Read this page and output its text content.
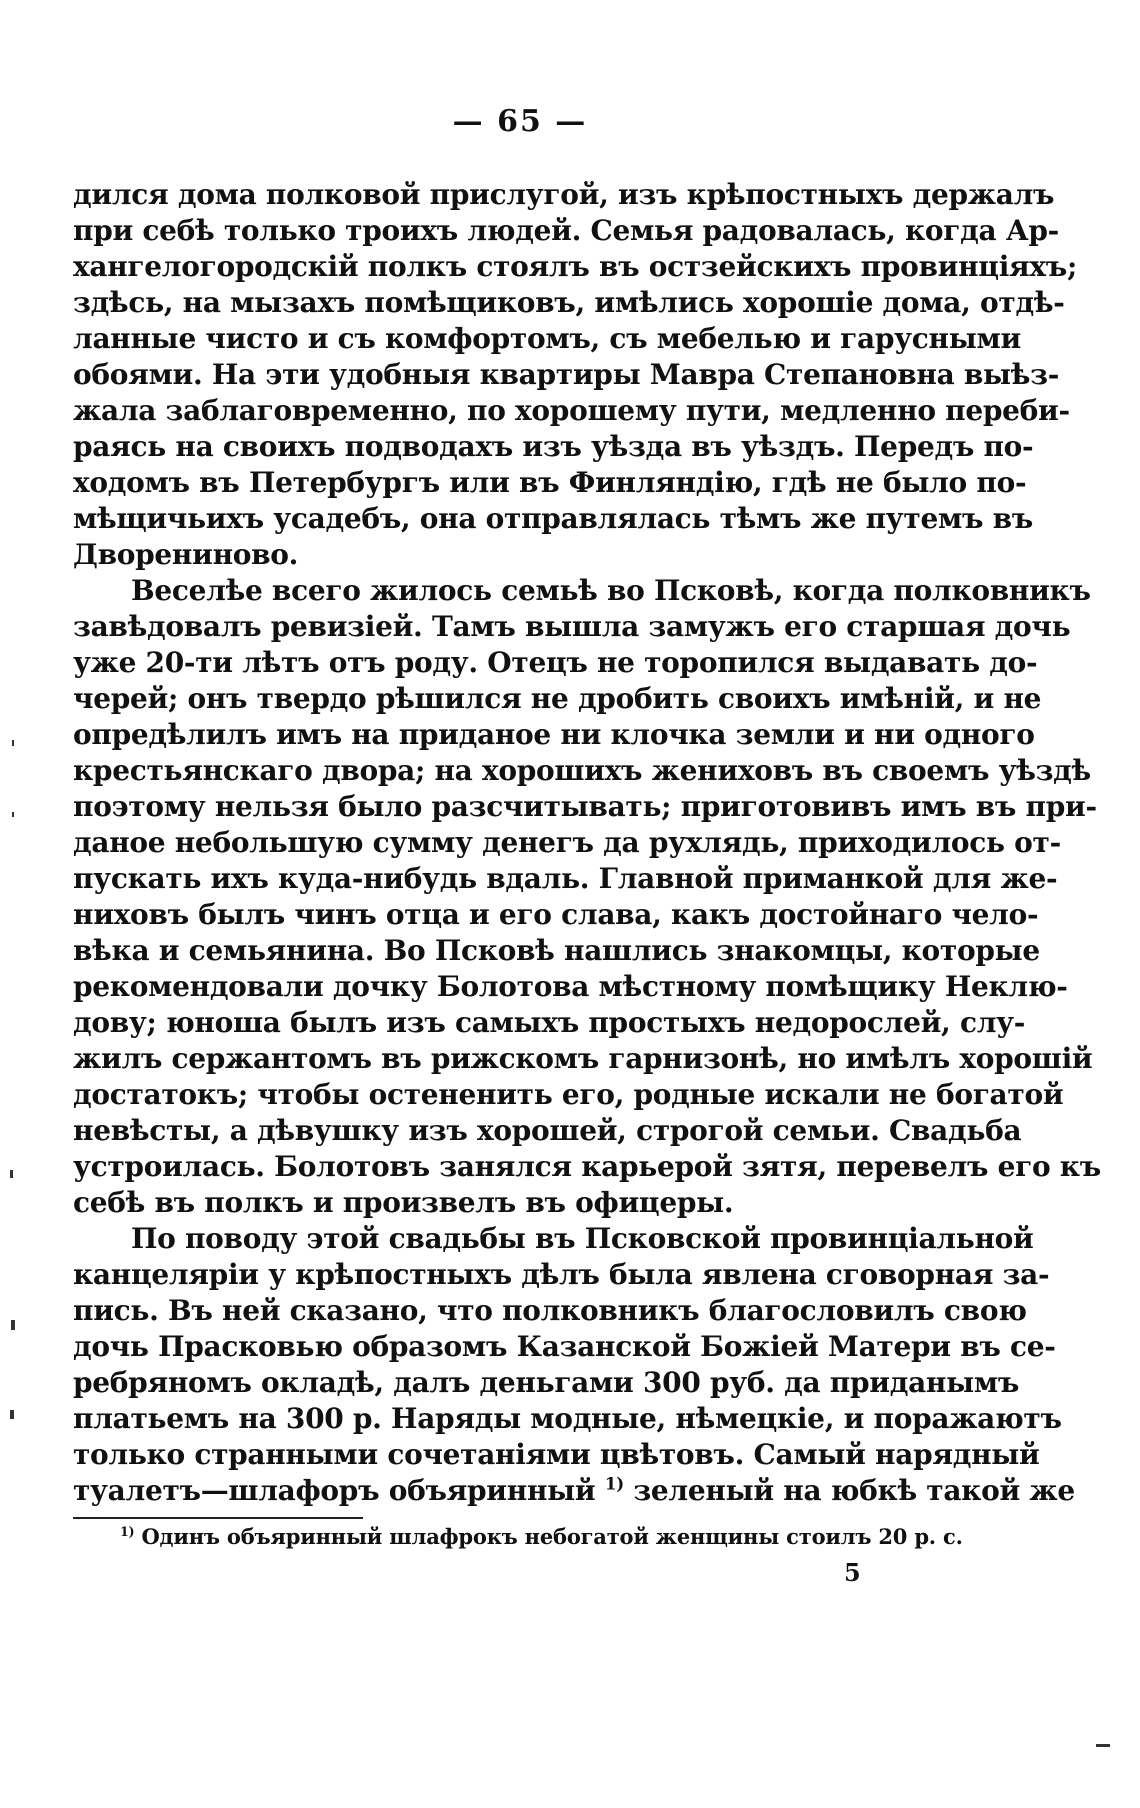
— 65 —
дился дома полковой прислугой, изъ крѣпостныхъ держалъ
при себѣ только троихъ людей. Семья радовалась, когда Ар-
хангелогородскій полкъ стоялъ въ остзейскихъ провинціяхъ;
здѣсь, на мызахъ помѣщиковъ, имѣлись хорошіе дома, отдѣ-
ланные чисто и съ комфортомъ, съ мебелью и гарусными
обоями. На эти удобныя квартиры Мавра Степановна выѣз-
жала заблаговременно, по хорошему пути, медленно переби-
раясь на своихъ подводахъ изъ уѣзда въ уѣздъ. Передъ по-
ходомъ въ Петербургъ или въ Финляндію, гдѣ не было по-
мѣщичьихъ усадебъ, она отправлялась тѣмъ же путемъ въ
Дворениново.
Веселѣе всего жилось семьѣ во Псковѣ, когда полковникъ
завѣдовалъ ревизіей. Тамъ вышла замужъ его старшая дочь
уже 20-ти лѣтъ отъ роду. Отецъ не торопился выдавать до-
черей; онъ твердо рѣшился не дробить своихъ имѣній, и не
опредѣлилъ имъ на приданое ни клочка земли и ни одного
крестьянскаго двора; на хорошихъ жениховъ въ своемъ уѣздѣ
поэтому нельзя было разсчитывать; приготовивъ имъ въ при-
даное небольшую сумму денегъ да рухлядь, приходилось от-
пускать ихъ куда-нибудь вдаль. Главной приманкой для же-
ниховъ былъ чинъ отца и его слава, какъ достойнаго чело-
вѣка и семьянина. Во Псковѣ нашлись знакомцы, которые
рекомендовали дочку Болотова мѣстному помѣщику Неклю-
дову; юноша былъ изъ самыхъ простыхъ недорослей, слу-
жилъ сержантомъ въ рижскомъ гарнизонѣ, но имѣлъ хорошій
достатокъ; чтобы остененить его, родные искали не богатой
невѣсты, а дѣвушку изъ хорошей, строгой семьи. Свадьба
устроилась. Болотовъ занялся карьерой зятя, перевелъ его къ
себѣ въ полкъ и произвелъ въ офицеры.
По поводу этой свадьбы въ Псковской провинціальной
канцеляріи у крѣпостныхъ дѣлъ была явлена сговорная за-
пись. Въ ней сказано, что полковникъ благословилъ свою
дочь Прасковью образомъ Казанской Божіей Матери въ се-
ребряномъ окладѣ, далъ деньгами 300 руб. да приданымъ
платьемъ на 300 р. Наряды модные, нѣмецкіе, и поражаютъ
только странными сочетаніями цвѣтовъ. Самый нарядный
туалетъ—шлафоръ объяринный $^{1)}$ зеленый на юбкѣ такой же
$^{1)}$ Одинъ объяринный шлафрокъ небогатой женщины стоилъ 20 р. с.
5
